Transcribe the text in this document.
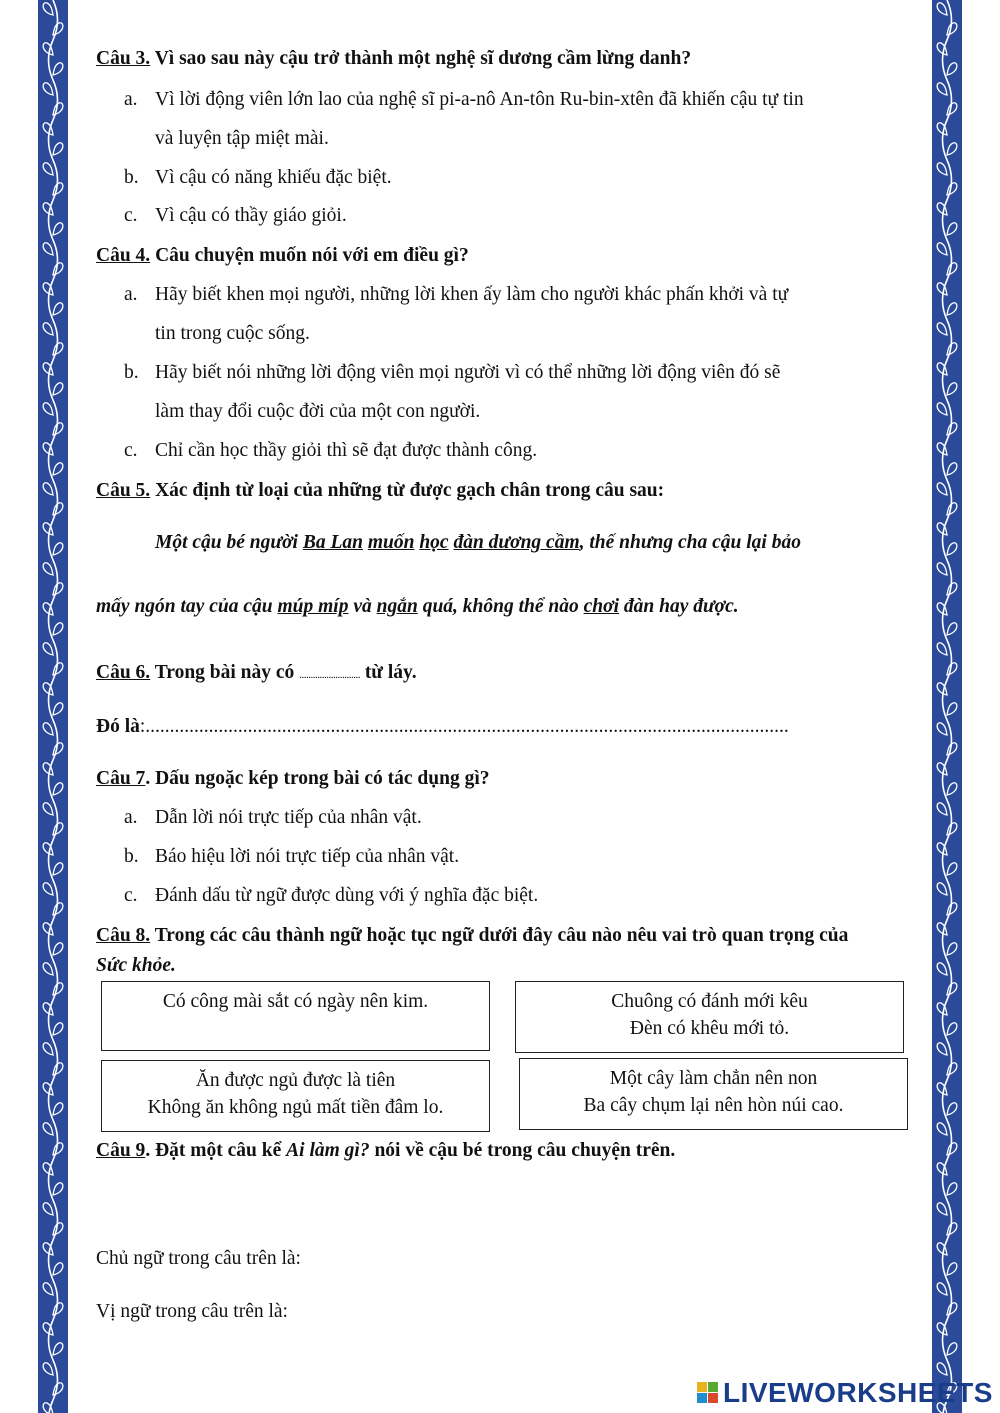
Câu 3. Vì sao sau này cậu trở thành một nghệ sĩ dương cầm lừng danh?
a. Vì lời động viên lớn lao của nghệ sĩ pi-a-nô An-tôn Ru-bin-xtên đã khiến cậu tự tin
và luyện tập miệt mài.
b. Vì cậu có năng khiếu đặc biệt.
c. Vì cậu có thầy giáo giỏi.
Câu 4. Câu chuyện muốn nói với em điều gì?
a. Hãy biết khen mọi người, những lời khen ấy làm cho người khác phấn khởi và tự
tin trong cuộc sống.
b. Hãy biết nói những lời động viên mọi người vì có thể những lời động viên đó sẽ
làm thay đổi cuộc đời của một con người.
c. Chỉ cần học thầy giỏi thì sẽ đạt được thành công.
Câu 5. Xác định từ loại của những từ được gạch chân trong câu sau:
Một cậu bé người Ba Lan muốn học đàn dương cầm, thế nhưng cha cậu lại bảo
mấy ngón tay của cậu múp míp và ngắn quá, không thể nào chơi đàn hay được.
Câu 6. Trong bài này có ........................... từ láy.
Đó là:....................................................................................................................................
Câu 7. Dấu ngoặc kép trong bài có tác dụng gì?
a. Dẫn lời nói trực tiếp của nhân vật.
b. Báo hiệu lời nói trực tiếp của nhân vật.
c. Đánh dấu từ ngữ được dùng với ý nghĩa đặc biệt.
Câu 8. Trong các câu thành ngữ hoặc tục ngữ dưới đây câu nào nêu vai trò quan trọng của
Sức khỏe.
Có công mài sắt có ngày nên kim.	Chuông có đánh mới kêu
Đèn có khêu mới tỏ.
Ăn được ngủ được là tiên
Không ăn không ngủ mất tiền đâm lo.
Một cây làm chẳn nên non
Ba cây chụm lại nên hòn núi cao.
Câu 9. Đặt một câu kể Ai làm gì? nói về cậu bé trong câu chuyện trên.
Chủ ngữ trong câu trên là:
Vị ngữ trong câu trên là:
LIVEWORKSHEETS
